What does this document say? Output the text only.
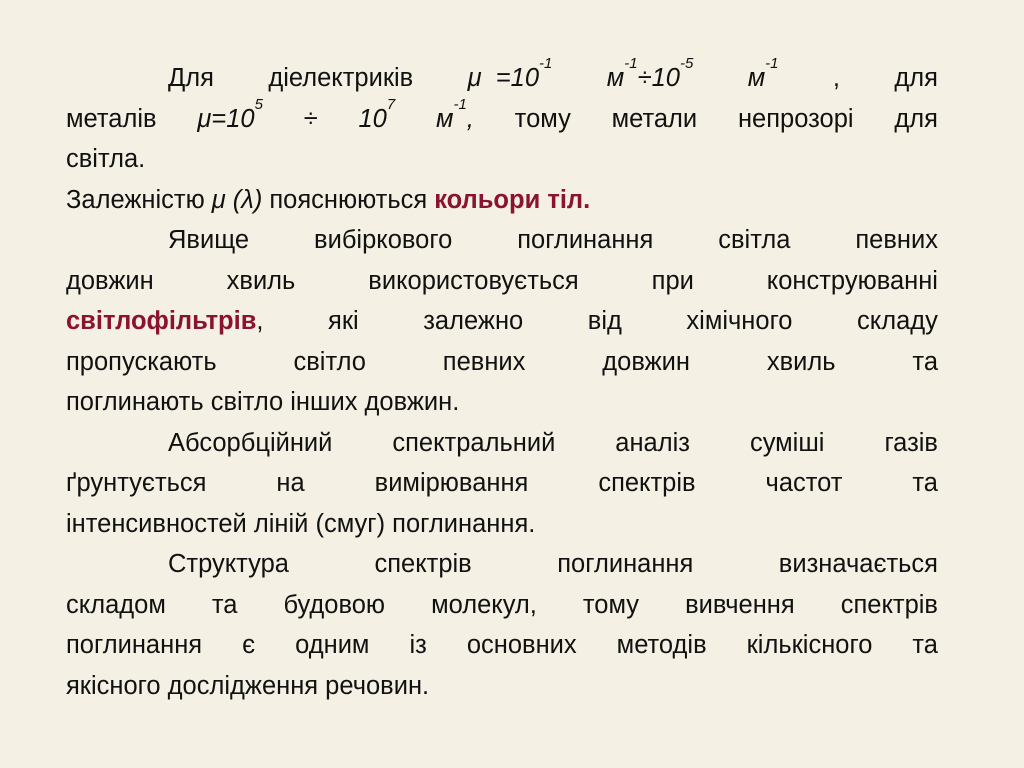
Для діелектриків $\mu =10^{-1}$
$м^{-1}\div 10^{-5}$
$м^{-1}$
, для
металів $\mu=10^5$
÷ $10^7$
$м^{-1}$, тому метали непрозорі для
світла.
Залежністю μ (λ) пояснюються кольори тіл.
Явище	вибіркового	поглинання	світла	певних
довжин	хвиль	використовується	при	конструюванні
світлофільтрів,	які	залежно	від	хімічного	складу
пропускають	світло	певних	довжин	хвиль	та
поглинають світло інших довжин.
Абсорбційний спектральний аналіз суміші газів
ґрунтується	на	вимірювання	спектрів	частот	та
інтенсивностей ліній (смуг) поглинання.
Структура	спектрів	поглинання	визначається
складом та будовою молекул, тому вивчення спектрів
поглинання є одним із основних методів кількісного та
якісного дослідження речовин.
